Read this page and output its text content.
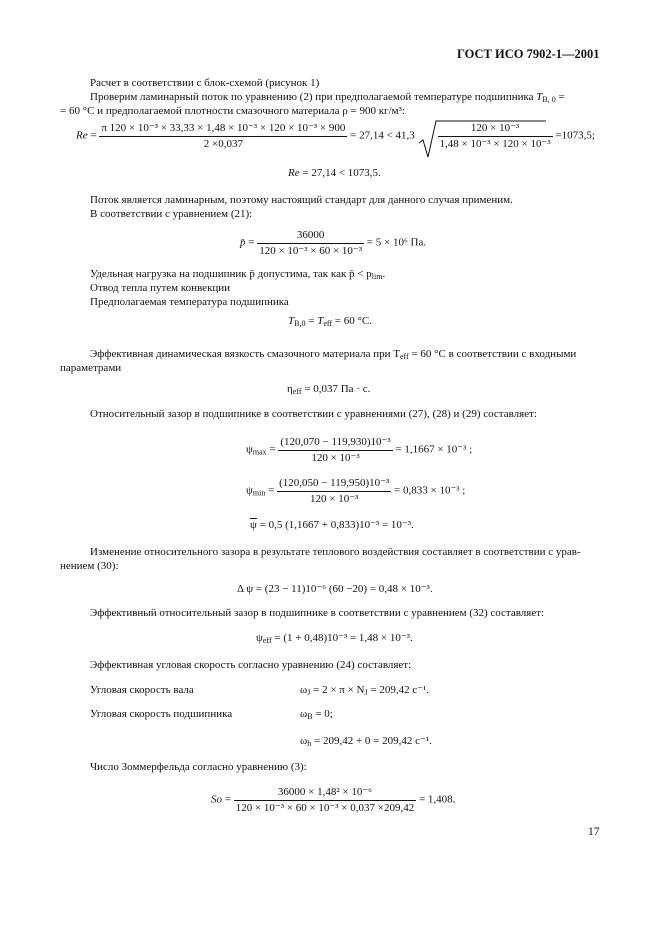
ГОСТ ИСО 7902-1—2001
Расчет в соответствии с блок-схемой (рисунок 1)
Проверим ламинарный поток по уравнению (2) при предполагаемой температуре подшипника $T_{B, 0}$ =
= 60 °С и предполагаемой плотности смазочного материала ρ = 900 кг/м³:
$Re = \frac{\text{π 120 × 10⁻³ × 33,33 × 1,48 × 10⁻³ × 120 × 10⁻³ × 900}}{2 \times 0,037} = 27,14 < 41,3 \frac{\text{120 × 10⁻³}}{\text{1,48 × 10⁻³ × 120 × 10⁻³}} =1073,5$;
Re = 27,14 < 1073,5.
Поток является ламинарным, поэтому настоящий стандарт для данного случая применим.
В соответствии с уравнением (21):
p̄ = $\frac{36000}{\text{120 × 10⁻³ × 60 × 10⁻³}} = 5 \times 10^6$ Па.
Удельная нагрузка на подшипник p̄ допустима, так как p̄ < $p_{lim}$.
Отвод тепла путем конвекции
Предполагаемая температура подшипника
$T_{B,0} = T_{eff} = 60$ °С.
Эффективная динамическая вязкость смазочного материала при $T_{eff} = 60$ °С в соответствии с входными
параметрами
$\eta_{eff} = 0,037$ Па · с.
Относительный зазор в подшипнике в соответствии с уравнениями (27), (28) и (29) составляет:
$\psi_{max} = \frac{\text{(120,070 − 119,930)10⁻³}}{\text{120 × 10⁻³}} = 1,1667 \times 10^{-3}$ ;
$\psi_{min} = \frac{\text{(120,050 − 119,950)10⁻³}}{\text{120 × 10⁻³}} = 0,833 \times 10^{-3}$ ;
$\overline{\psi} = 0,5$ (1,1667 + 0,833)10⁻³ = 10⁻³.
Изменение относительного зазора в результате теплового воздействия составляет в соответствии с урав-
нением (30):
Δ ψ = (23 − 11)10⁻⁶ (60 −20) = 0,48 × 10⁻³.
Эффективный относительный зазор в подшипнике в соответствии с уравнением (32) составляет:
$\psi_{eff} = (1 + 0,48)10^{-3} = 1,48 \times 10^{-3}$.
Эффективная угловая скорость согласно уравнению (24) составляет:
Угловая скорость вала	$\omega_J = 2 \times \pi \times N_J = 209,42$ c⁻¹.
Угловая скорость подшипника	$\omega_B = 0$;
$\omega_h = 209,42 + 0 = 209,42$ c⁻¹.
Число Зоммерфельда согласно уравнению (3):
$So = \frac{\text{36000 × 1,48² × 10⁻⁶}}{\text{120 × 10⁻³ × 60 × 10⁻³ × 0,037 ×209,42}} = 1,408$.
17
